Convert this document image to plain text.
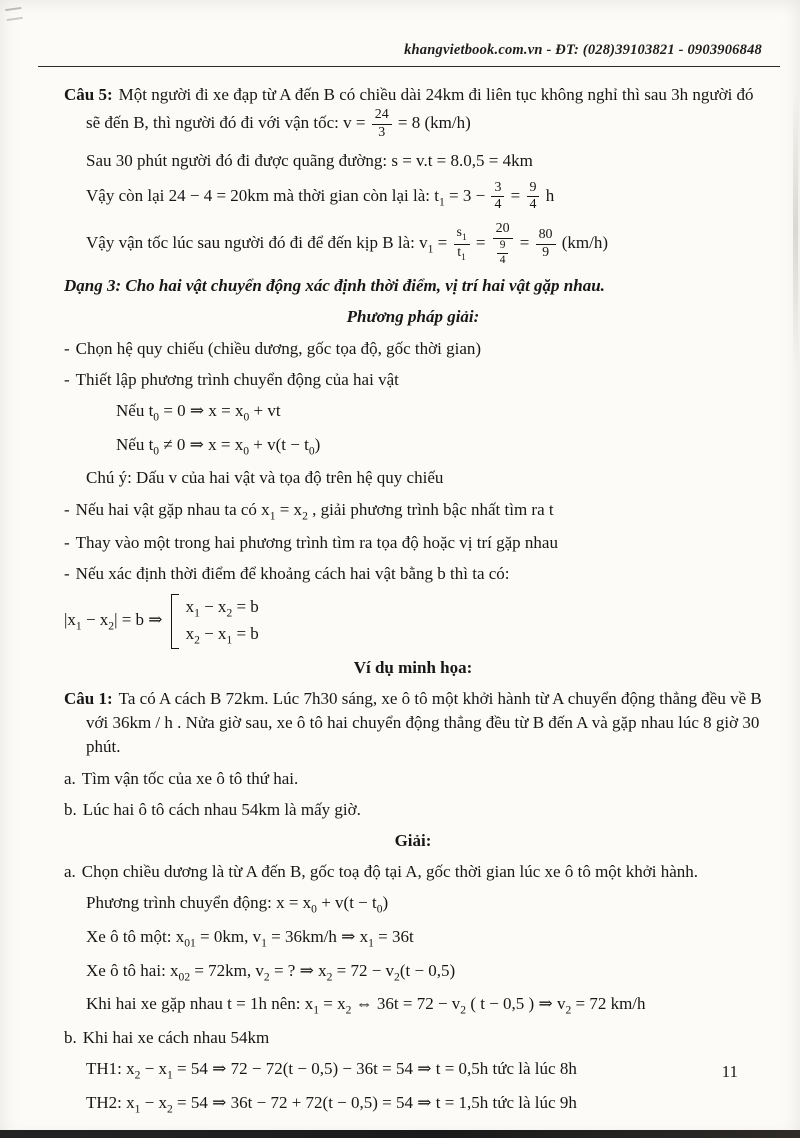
khangvietbook.com.vn - ĐT: (028)39103821 - 0903906848

Câu 5: Một người đi xe đạp từ A đến B có chiều dài 24km đi liên tục không nghỉ thì sau 3h người đó sẽ đến B, thì người đó đi với vận tốc: $v = \frac{24}{3} = 8$ (km/h)

Sau 30 phút người đó đi được quãng đường: s = v.t = 8.0,5 = 4km

Vậy còn lại 24 − 4 = 20km mà thời gian còn lại là: $t_1 = 3 - \frac{3}{4} = \frac{9}{4}$ h

Vậy vận tốc lúc sau người đó đi để đến kịp B là: $v_1 = \frac{s_1}{t_1} = \frac{20}{\frac{9}{4}} = \frac{80}{9} (km/h)$

Dạng 3: Cho hai vật chuyển động xác định thời điểm, vị trí hai vật gặp nhau.

Phương pháp giải:

- Chọn hệ quy chiếu (chiều dương, gốc tọa độ, gốc thời gian)

- Thiết lập phương trình chuyển động của hai vật

Nếu $t_0 = 0$ ⇒ $x = x_0$ + vt

Nếu $t_0 \ne 0$ ⇒ $x = x_0 + v(t - t_0)$

Chú ý: Dấu v của hai vật và tọa độ trên hệ quy chiếu

- Nếu hai vật gặp nhau ta có $x_1 = x_2$ , giải phương trình bậc nhất tìm ra t

- Thay vào một trong hai phương trình tìm ra tọa độ hoặc vị trí gặp nhau

- Nếu xác định thời điểm để khoảng cách hai vật bằng b thì ta có:

$|x_1 - x_2| = b$ ⇒
$x_1 - x_2 = b$
$x_2 - x_1 = b$

Ví dụ minh họa:

Câu 1: Ta có A cách B 72km. Lúc 7h30 sáng, xe ô tô một khởi hành từ A chuyển động thẳng đều về B với 36km / h . Nửa giờ sau, xe ô tô hai chuyển động thẳng đều từ B đến A và gặp nhau lúc 8 giờ 30 phút.

a. Tìm vận tốc của xe ô tô thứ hai.

b. Lúc hai ô tô cách nhau 54km là mấy giờ.

Giải:

a. Chọn chiều dương là từ A đến B, gốc toạ độ tại A, gốc thời gian lúc xe ô tô một khởi hành.

Phương trình chuyển động: $x = x_0 + v(t - t_0)$

Xe ô tô một: $x_{01} = 0km$, $v_1 = 36km/h$ ⇒ $x_1 = 36t$

Xe ô tô hai: $x_{02} = 72km$, $v_2$ = ? ⇒ $x_2 = 72 - v_2(t - 0,5)$

Khi hai xe gặp nhau t = 1h nên: $x_1 = x_2$ ⇔ $36t = 72 - v_2$ ( t − 0,5 ) ⇒ $v_2 = 72$ km/h

b. Khi hai xe cách nhau 54km

TH1: $x_2 - x_1 = 54$ ⇒ 72 − 72(t − 0,5) − 36t = 54 ⇒ t = 0,5h tức là lúc 8h

TH2: $x_1 - x_2 = 54$ ⇒ 36t − 72 + 72(t − 0,5) = 54 ⇒ t = 1,5h tức là lúc 9h

11
